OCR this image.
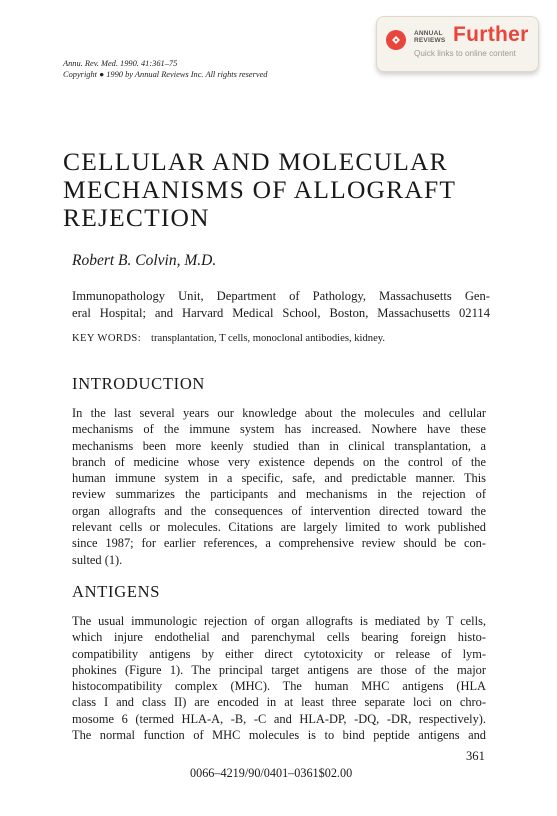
Annu. Rev. Med. 1990. 41:361–75
Copyright ● 1990 by Annual Reviews Inc. All rights reserved
ANNUAL
REVIEWS Further
Quick links to online content
CELLULAR AND MOLECULAR
MECHANISMS OF ALLOGRAFT
REJECTION
Robert B. Colvin, M.D.
Immunopathology Unit, Department of Pathology, Massachusetts Gen-
eral Hospital; and Harvard Medical School, Boston, Massachusetts 02114
KEY WORDS: transplantation, T cells, monoclonal antibodies, kidney.
INTRODUCTION
In the last several years our knowledge about the molecules and cellular
mechanisms of the immune system has increased. Nowhere have these
mechanisms been more keenly studied than in clinical transplantation, a
branch of medicine whose very existence depends on the control of the
human immune system in a specific, safe, and predictable manner. This
review summarizes the participants and mechanisms in the rejection of
organ allografts and the consequences of intervention directed toward the
relevant cells or molecules. Citations are largely limited to work published
since 1987; for earlier references, a comprehensive review should be con-
sulted (1).
ANTIGENS
The usual immunologic rejection of organ allografts is mediated by T cells,
which injure endothelial and parenchymal cells bearing foreign histo-
compatibility antigens by either direct cytotoxicity or release of lym-
phokines (Figure 1). The principal target antigens are those of the major
histocompatibility complex (MHC). The human MHC antigens (HLA
class I and class II) are encoded in at least three separate loci on chro-
mosome 6 (termed HLA-A, -B, -C and HLA-DP, -DQ, -DR, respectively).
The normal function of MHC molecules is to bind peptide antigens and
361
0066–4219/90/0401–0361$02.00
